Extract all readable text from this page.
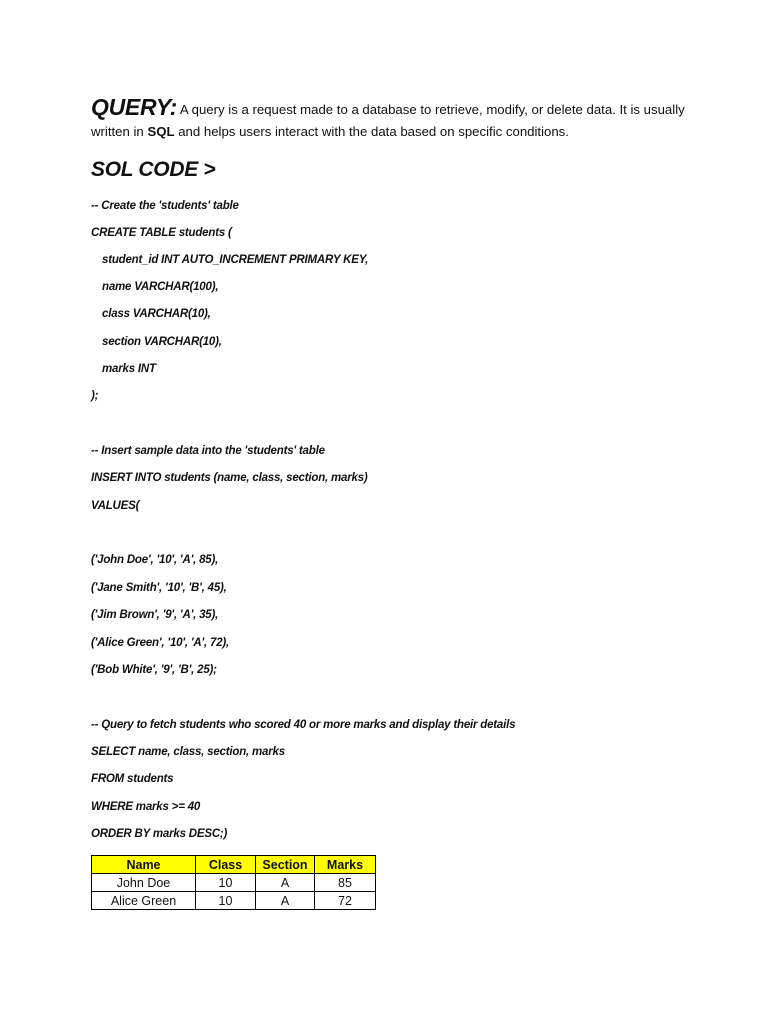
QUERY: A query is a request made to a database to retrieve, modify, or delete data. It is usually written in SQL and helps users interact with the data based on specific conditions.
SOL CODE >
-- Create the 'students' table
CREATE TABLE students (
student_id INT AUTO_INCREMENT PRIMARY KEY,
name VARCHAR(100),
class VARCHAR(10),
section VARCHAR(10),
marks INT
);
-- Insert sample data into the 'students' table
INSERT INTO students (name, class, section, marks)
VALUES(
('John Doe', '10', 'A', 85),
('Jane Smith', '10', 'B', 45),
('Jim Brown', '9', 'A', 35),
('Alice Green', '10', 'A', 72),
('Bob White', '9', 'B', 25);
-- Query to fetch students who scored 40 or more marks and display their details
SELECT name, class, section, marks
FROM students
WHERE marks >= 40
ORDER BY marks DESC;)
Name	Class	Section	Marks
John Doe	10	A	85
Alice Green	10	A	72
